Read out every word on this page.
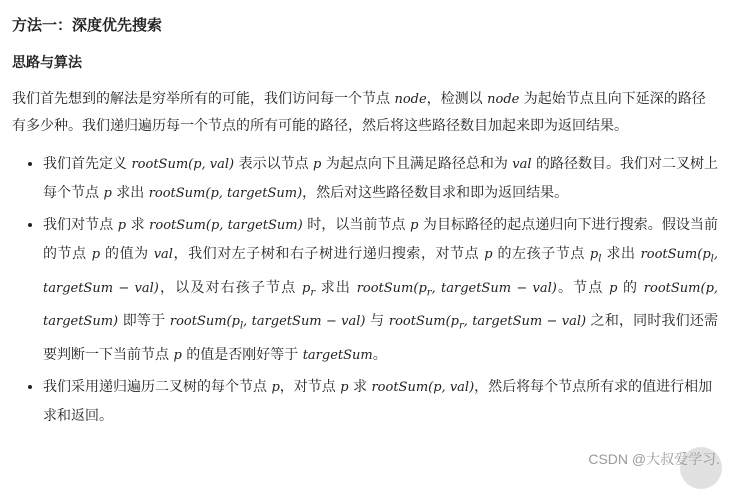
方法一：深度优先搜索
思路与算法

我们首先想到的解法是穷举所有的可能，我们访问每一个节点 node，检测以 node 为起始节点且向下延深的路径有多少种。我们递归遍历每一个节点的所有可能的路径，然后将这些路径数目加起来即为返回结果。

• 我们首先定义 rootSum(p, val) 表示以节点 p 为起点向下且满足路径总和为 val 的路径数目。我们对二叉树上每个节点 p 求出 rootSum(p, targetSum)，然后对这些路径数目求和即为返回结果。
• 我们对节点 p 求 rootSum(p, targetSum) 时，以当前节点 p 为目标路径的起点递归向下进行搜索。假设当前的节点 p 的值为 val，我们对左子树和右子树进行递归搜索，对节点 p 的左孩子节点 $p_l$ 求出 $rootSum(p_l$, targetSum − val)，以及对右孩子节点 $p_r$ 求出 $rootSum(p_r$, targetSum − val)。节点 p 的 rootSum(p, targetSum) 即等于 $rootSum(p_l$, targetSum − val) 与 $rootSum(p_r$, targetSum − val) 之和，同时我们还需要判断一下当前节点 p 的值是否刚好等于 targetSum。
• 我们采用递归遍历二叉树的每个节点 p，对节点 p 求 rootSum(p, val)，然后将每个节点所有求的值进行相加求和返回。
CSDN @大叔爱学习.
